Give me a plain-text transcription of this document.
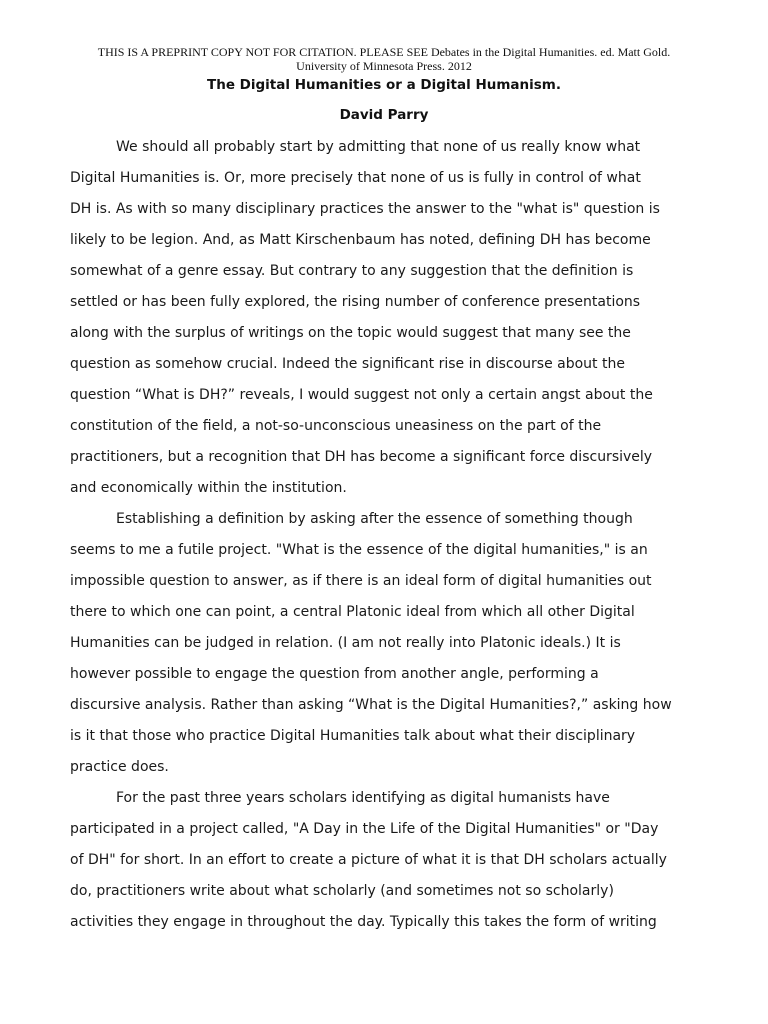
THIS IS A PREPRINT COPY NOT FOR CITATION. PLEASE SEE Debates in the Digital Humanities. ed. Matt Gold.

University of Minnesota Press. 2012

The Digital Humanities or a Digital Humanism.
David Parry

We should all probably start by admitting that none of us really know what

Digital Humanities is. Or, more precisely that none of us is fully in control of what

DH is. As with so many disciplinary practices the answer to the "what is" question is

likely to be legion. And, as Matt Kirschenbaum has noted, defining DH has become

somewhat of a genre essay. But contrary to any suggestion that the definition is

settled or has been fully explored, the rising number of conference presentations

along with the surplus of writings on the topic would suggest that many see the

question as somehow crucial. Indeed the significant rise in discourse about the

question “What is DH?” reveals, I would suggest not only a certain angst about the

constitution of the field, a not-so-unconscious uneasiness on the part of the

practitioners, but a recognition that DH has become a significant force discursively

and economically within the institution.

Establishing a definition by asking after the essence of something though

seems to me a futile project. "What is the essence of the digital humanities," is an

impossible question to answer, as if there is an ideal form of digital humanities out

there to which one can point, a central Platonic ideal from which all other Digital

Humanities can be judged in relation. (I am not really into Platonic ideals.) It is

however possible to engage the question from another angle, performing a

discursive analysis. Rather than asking “What is the Digital Humanities?,” asking how

is it that those who practice Digital Humanities talk about what their disciplinary

practice does.

For the past three years scholars identifying as digital humanists have

participated in a project called, "A Day in the Life of the Digital Humanities" or "Day

of DH" for short. In an effort to create a picture of what it is that DH scholars actually

do, practitioners write about what scholarly (and sometimes not so scholarly)

activities they engage in throughout the day. Typically this takes the form of writing
